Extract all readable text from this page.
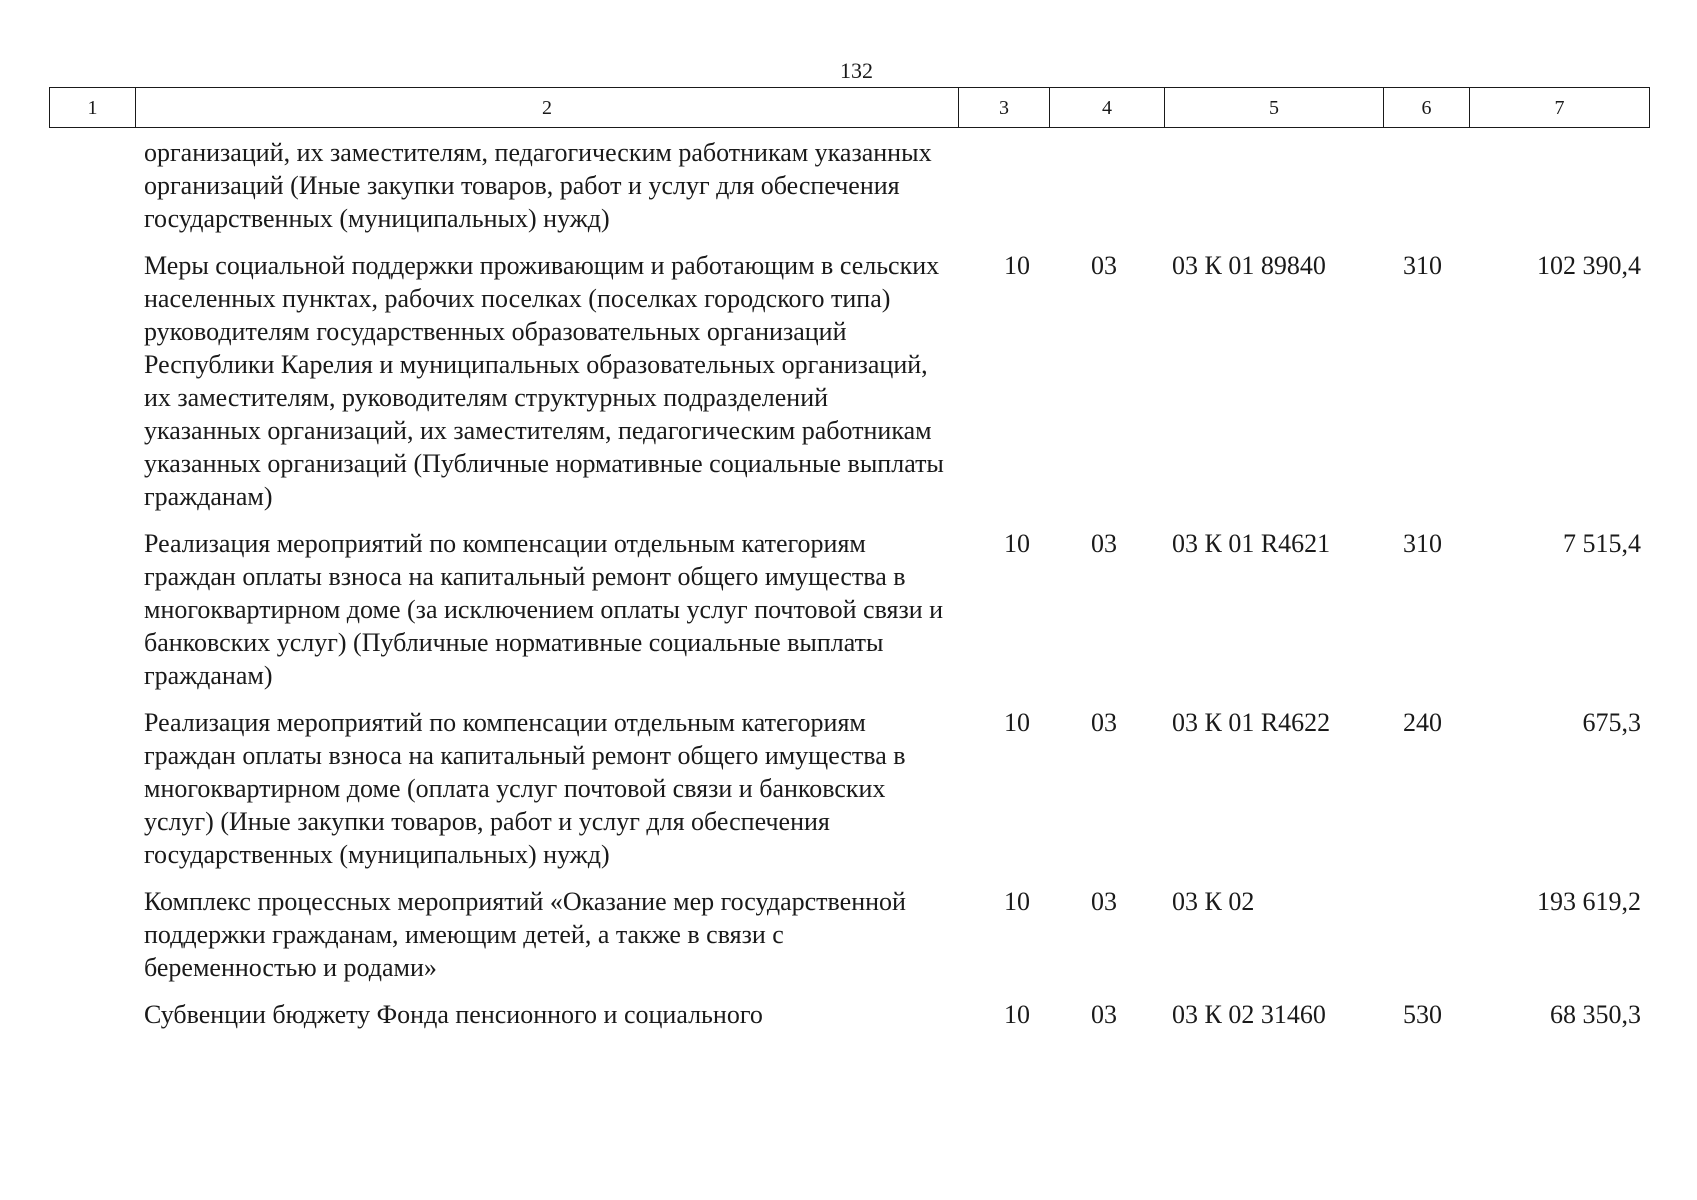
132
1	2	3	4	5	6	7
организаций, их заместителям, педагогическим работникам указанных организаций (Иные закупки товаров, работ и услуг для обеспечения государственных (муниципальных) нужд)					
Меры социальной поддержки проживающим и работающим в сельских населенных пунктах, рабочих поселках (поселках городского типа) руководителям государственных образовательных организаций Республики Карелия и муниципальных образовательных организаций, их заместителям, руководителям структурных подразделений указанных организаций, их заместителям, педагогическим работникам указанных организаций (Публичные нормативные социальные выплаты гражданам)	10	03	03 К 01 89840	310	102 390,4
Реализация мероприятий по компенсации отдельным категориям граждан оплаты взноса на капитальный ремонт общего имущества в многоквартирном доме (за исключением оплаты услуг почтовой связи и банковских услуг) (Публичные нормативные социальные выплаты гражданам)	10	03	03 К 01 R4621	310	7 515,4
Реализация мероприятий по компенсации отдельным категориям граждан оплаты взноса на капитальный ремонт общего имущества в многоквартирном доме (оплата услуг почтовой связи и банковских услуг) (Иные закупки товаров, работ и услуг для обеспечения государственных (муниципальных) нужд)	10	03	03 К 01 R4622	240	675,3
Комплекс процессных мероприятий «Оказание мер государственной поддержки гражданам, имеющим детей, а также в связи с беременностью и родами»	10	03	03 К 02		193 619,2
Субвенции бюджету Фонда пенсионного и социального	10	03	03 К 02 31460	530	68 350,3
